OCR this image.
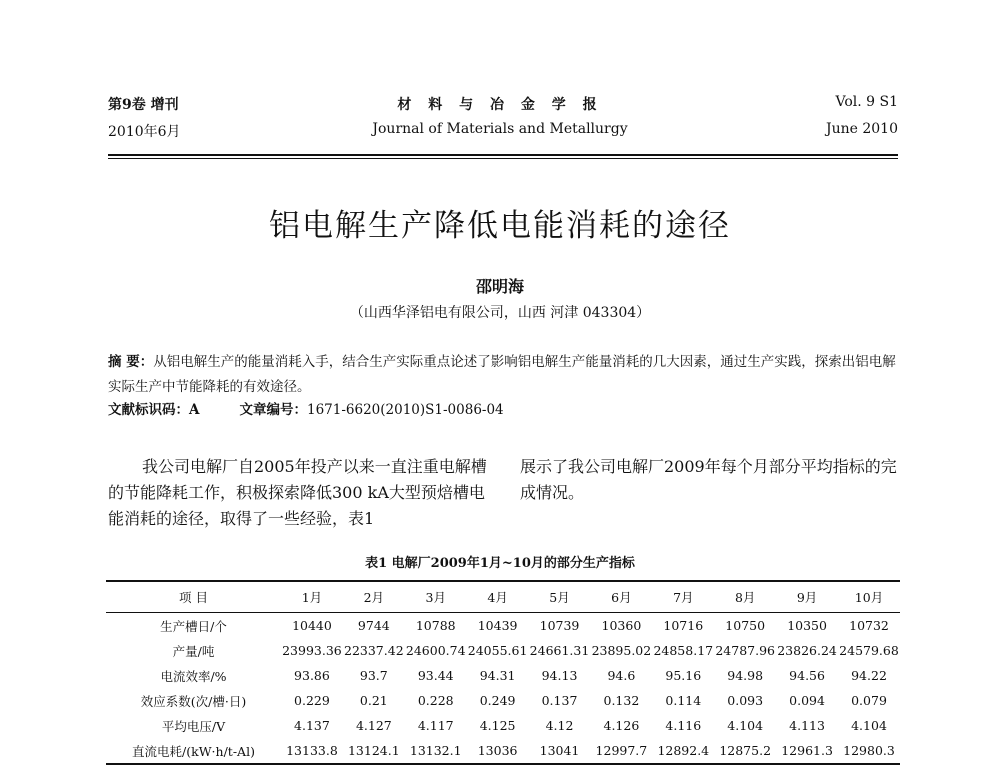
第9卷 增刊
2010年6月
材 料 与 冶 金 学 报
Journal of Materials and Metallurgy
Vol. 9 S1
June 2010
铝电解生产降低电能消耗的途径
邵明海
（山西华泽铝电有限公司，山西 河津 043304）
摘 要：从铝电解生产的能量消耗入手，结合生产实际重点论述了影响铝电解生产能量消耗的几大因素，通过生产实践，探索出铝电解实际生产中节能降耗的有效途径。
文献标识码：A	文章编号：1671-6620(2010)S1-0086-04
我公司电解厂自2005年投产以来一直注重电解槽的节能降耗工作，积极探索降低300 kA大型预焙槽电能消耗的途径，取得了一些经验，表1
展示了我公司电解厂2009年每个月部分平均指标的完成情况。
表1 电解厂2009年1月~10月的部分生产指标
项 目	1月	2月	3月	4月	5月	6月	7月	8月	9月	10月
生产槽日/个	10440	9744	10788	10439	10739	10360	10716	10750	10350	10732
产量/吨	23993.36	22337.42	24600.74	24055.61	24661.31	23895.02	24858.17	24787.96	23826.24	24579.68
电流效率/%	93.86	93.7	93.44	94.31	94.13	94.6	95.16	94.98	94.56	94.22
效应系数(次/槽·日)	0.229	0.21	0.228	0.249	0.137	0.132	0.114	0.093	0.094	0.079
平均电压/V	4.137	4.127	4.117	4.125	4.12	4.126	4.116	4.104	4.113	4.104
直流电耗/(kW·h/t-Al)	13133.8	13124.1	13132.1	13036	13041	12997.7	12892.4	12875.2	12961.3	12980.3
